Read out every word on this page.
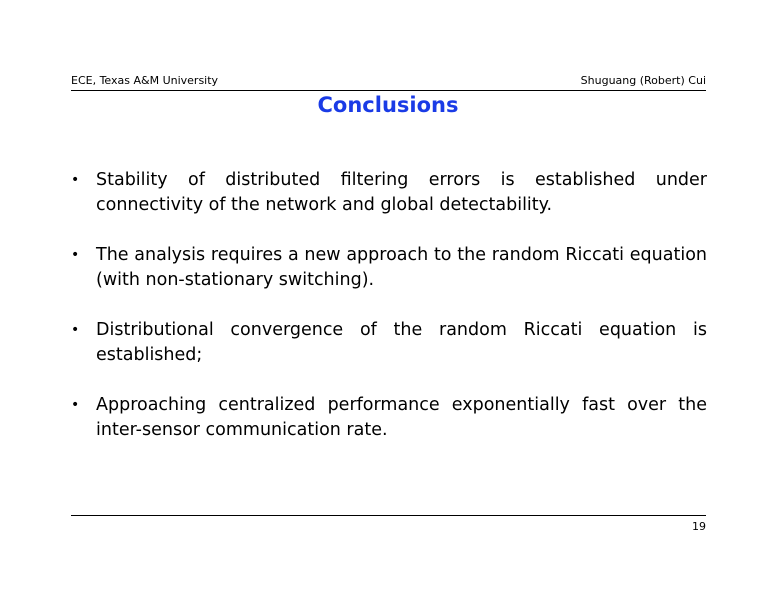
ECE, Texas A&M University	Shuguang (Robert) Cui
Conclusions
• Stability of distributed filtering errors is established under connectivity of the network and global detectability.
• The analysis requires a new approach to the random Riccati equation (with non-stationary switching).
• Distributional convergence of the random Riccati equation is established;
• Approaching centralized performance exponentially fast over the inter-sensor communication rate.
19
